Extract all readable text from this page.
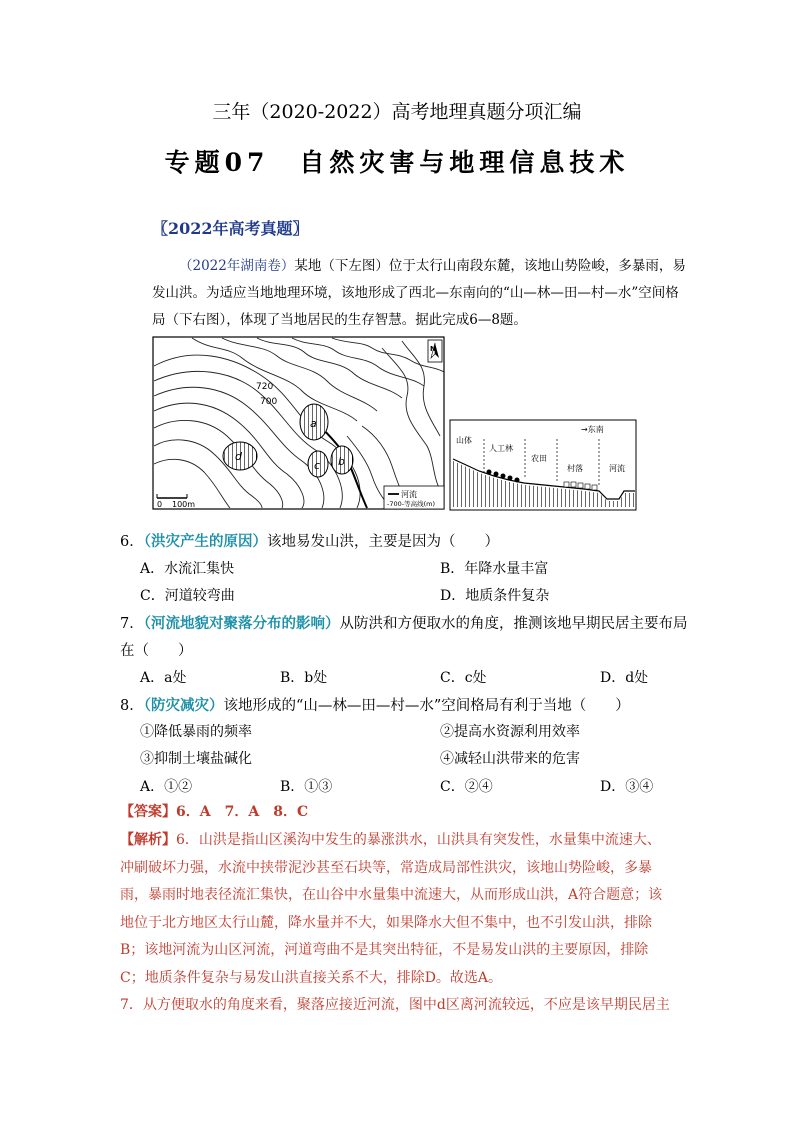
三年（2020-2022）高考地理真题分项汇编
专题07　自然灾害与地理信息技术
〖2022年高考真题〗
（2022年湖南卷）某地（下左图）位于太行山南段东麓，该地山势险峻，多暴雨，易发山洪。为适应当地地理环境，该地形成了西北—东南向的“山—林—田—村—水”空间格局（下右图），体现了当地居民的生存智慧。据此完成6—8题。
a
b
c
d
720
700
N
0 100m
河流
-700-等高线(m)
→东南
山体
人工林
农田
村落	河流
6．（洪灾产生的原因）该地易发山洪，主要是因为（　　）
A．水流汇集快	B．年降水量丰富
C．河道较弯曲	D．地质条件复杂
7．（河流地貌对聚落分布的影响）从防洪和方便取水的角度，推测该地早期民居主要布局
在（　　）
A．a处	B．b处	C．c处	D．d处
8．（防灾减灾）该地形成的“山—林—田—村—水”空间格局有利于当地（　　）
①降低暴雨的频率	②提高水资源利用效率
③抑制土壤盐碱化	④减轻山洪带来的危害
A．①②	B．①③	C．②④	D．③④
【答案】6．A　7．A　8．C
【解析】6．山洪是指山区溪沟中发生的暴涨洪水，山洪具有突发性，水量集中流速大、冲刷破坏力强，水流中挟带泥沙甚至石块等，常造成局部性洪灾，该地山势险峻，多暴雨，暴雨时地表径流汇集快，在山谷中水量集中流速大，从而形成山洪，A符合题意；该地位于北方地区太行山麓，降水量并不大，如果降水大但不集中，也不引发山洪，排除B；该地河流为山区河流，河道弯曲不是其突出特征，不是易发山洪的主要原因，排除C；地质条件复杂与易发山洪直接关系不大，排除D。故选A。
7．从方便取水的角度来看，聚落应接近河流，图中d区离河流较远，不应是该早期民居主
